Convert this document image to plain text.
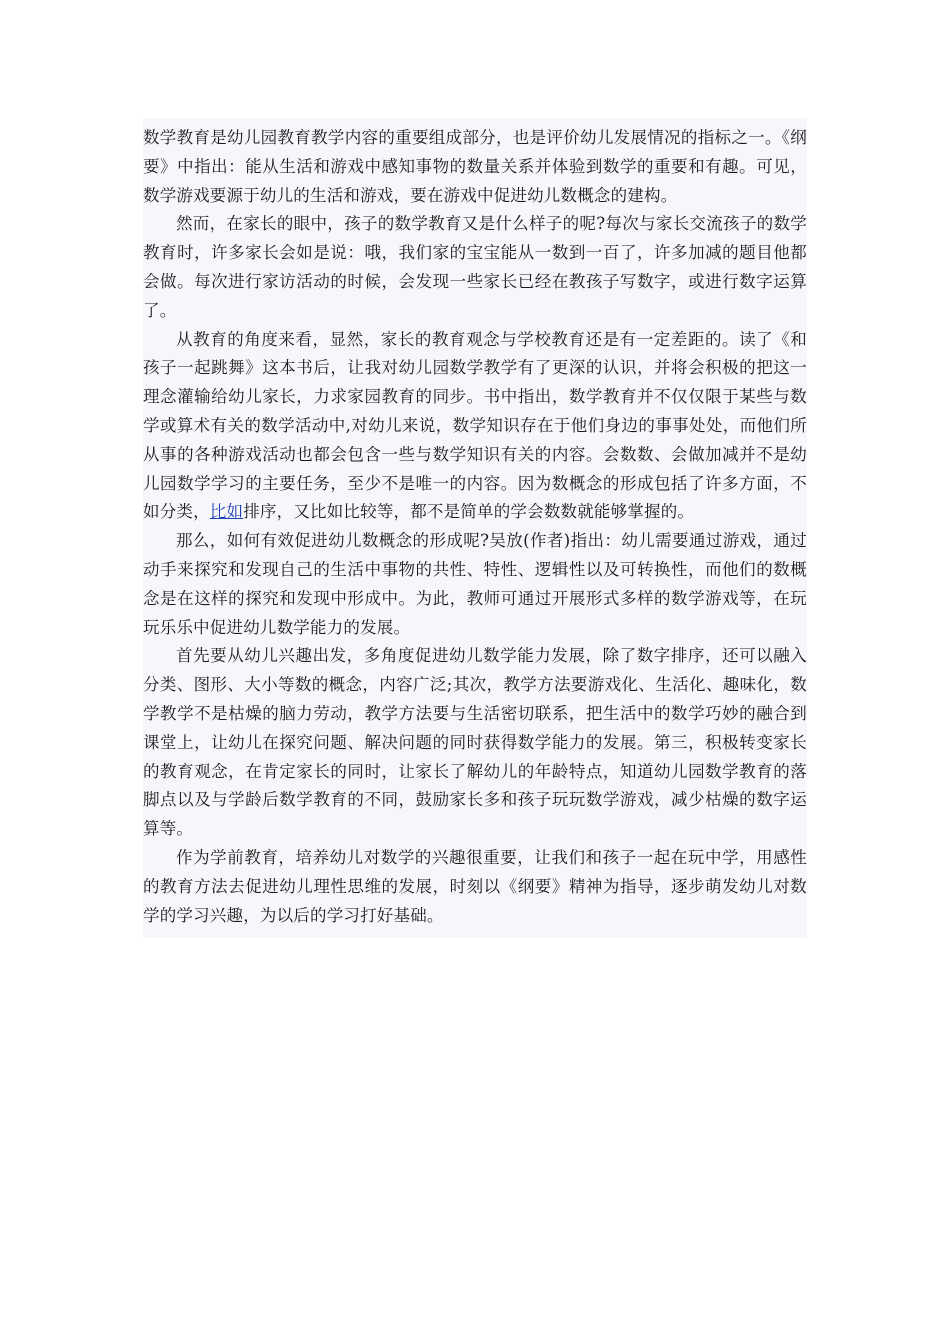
数学教育是幼儿园教育教学内容的重要组成部分，也是评价幼儿发展情况的指标之一。《纲要》中指出：能从生活和游戏中感知事物的数量关系并体验到数学的重要和有趣。可见，数学游戏要源于幼儿的生活和游戏，要在游戏中促进幼儿数概念的建构。

然而，在家长的眼中，孩子的数学教育又是什么样子的呢?每次与家长交流孩子的数学教育时，许多家长会如是说：哦，我们家的宝宝能从一数到一百了，许多加减的题目他都会做。每次进行家访活动的时候，会发现一些家长已经在教孩子写数字，或进行数字运算了。

从教育的角度来看，显然，家长的教育观念与学校教育还是有一定差距的。读了《和孩子一起跳舞》这本书后，让我对幼儿园数学教学有了更深的认识，并将会积极的把这一理念灌输给幼儿家长，力求家园教育的同步。书中指出，数学教育并不仅仅限于某些与数学或算术有关的数学活动中,对幼儿来说，数学知识存在于他们身边的事事处处，而他们所从事的各种游戏活动也都会包含一些与数学知识有关的内容。会数数、会做加减并不是幼儿园数学学习的主要任务，至少不是唯一的内容。因为数概念的形成包括了许多方面，不如分类，比如排序，又比如比较等，都不是简单的学会数数就能够掌握的。

那么，如何有效促进幼儿数概念的形成呢?吴放(作者)指出：幼儿需要通过游戏，通过动手来探究和发现自己的生活中事物的共性、特性、逻辑性以及可转换性，而他们的数概念是在这样的探究和发现中形成中。为此，教师可通过开展形式多样的数学游戏等，在玩玩乐乐中促进幼儿数学能力的发展。

首先要从幼儿兴趣出发，多角度促进幼儿数学能力发展，除了数字排序，还可以融入分类、图形、大小等数的概念，内容广泛;其次，教学方法要游戏化、生活化、趣味化，数学教学不是枯燥的脑力劳动，教学方法要与生活密切联系，把生活中的数学巧妙的融合到课堂上，让幼儿在探究问题、解决问题的同时获得数学能力的发展。第三，积极转变家长的教育观念，在肯定家长的同时，让家长了解幼儿的年龄特点，知道幼儿园数学教育的落脚点以及与学龄后数学教育的不同，鼓励家长多和孩子玩玩数学游戏，减少枯燥的数字运算等。

作为学前教育，培养幼儿对数学的兴趣很重要，让我们和孩子一起在玩中学，用感性的教育方法去促进幼儿理性思维的发展，时刻以《纲要》精神为指导，逐步萌发幼儿对数学的学习兴趣，为以后的学习打好基础。
